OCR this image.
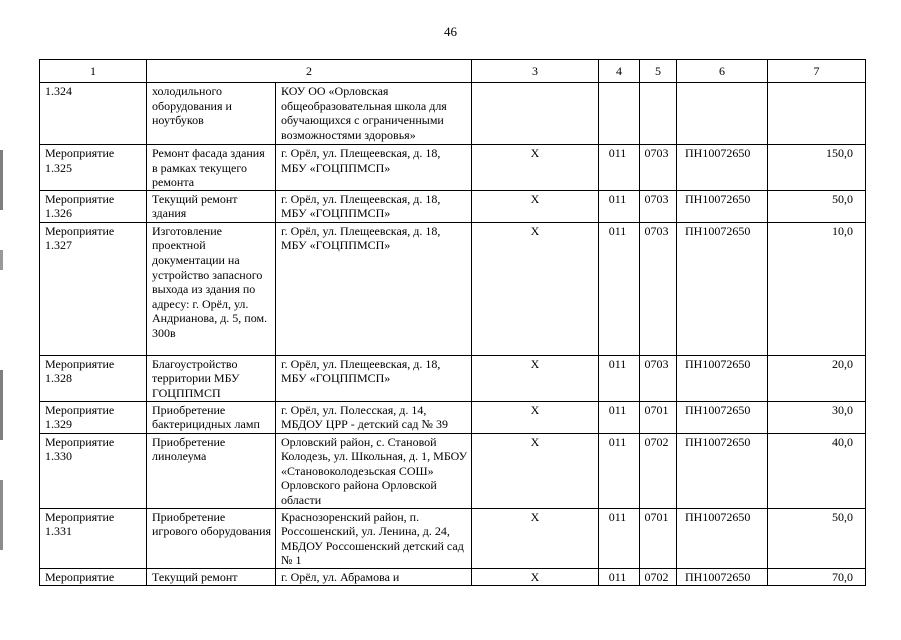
46
1	2		3	4	5	6	7
1.324	холодильного оборудования и ноутбуков	КОУ ОО «Орловская общеобразовательная школа для обучающихся с ограниченными возможностями здоровья»					
Мероприятие 1.325	Ремонт фасада здания в рамках текущего ремонта	г. Орёл, ул. Плещеевская, д. 18, МБУ «ГОЦППМСП»	X	011	0703	ПН10072650	150,0
Мероприятие 1.326	Текущий ремонт здания	г. Орёл, ул. Плещеевская, д. 18, МБУ «ГОЦППМСП»	X	011	0703	ПН10072650	50,0
Мероприятие 1.327	Изготовление проектной документации на устройство запасного выхода из здания по адресу: г. Орёл, ул. Андрианова, д. 5, пом. 300в	г. Орёл, ул. Плещеевская, д. 18, МБУ «ГОЦППМСП»	X	011	0703	ПН10072650	10,0
Мероприятие 1.328	Благоустройство территории МБУ ГОЦППМСП	г. Орёл, ул. Плещеевская, д. 18, МБУ «ГОЦППМСП»	X	011	0703	ПН10072650	20,0
Мероприятие 1.329	Приобретение бактерицидных ламп	г. Орёл, ул. Полесская, д. 14, МБДОУ ЦРР - детский сад № 39	X	011	0701	ПН10072650	30,0
Мероприятие 1.330	Приобретение линолеума	Орловский район, с. Становой Колодезь, ул. Школьная, д. 1, МБОУ «Становоколодезьская СОШ» Орловского района Орловской области	X	011	0702	ПН10072650	40,0
Мероприятие 1.331	Приобретение игрового оборудования	Краснозоренский район, п. Россошенский, ул. Ленина, д. 24, МБДОУ Россошенский детский сад № 1	X	011	0701	ПН10072650	50,0
Мероприятие	Текущий ремонт	г. Орёл, ул. Абрамова и	X	011	0702	ПН10072650	70,0
